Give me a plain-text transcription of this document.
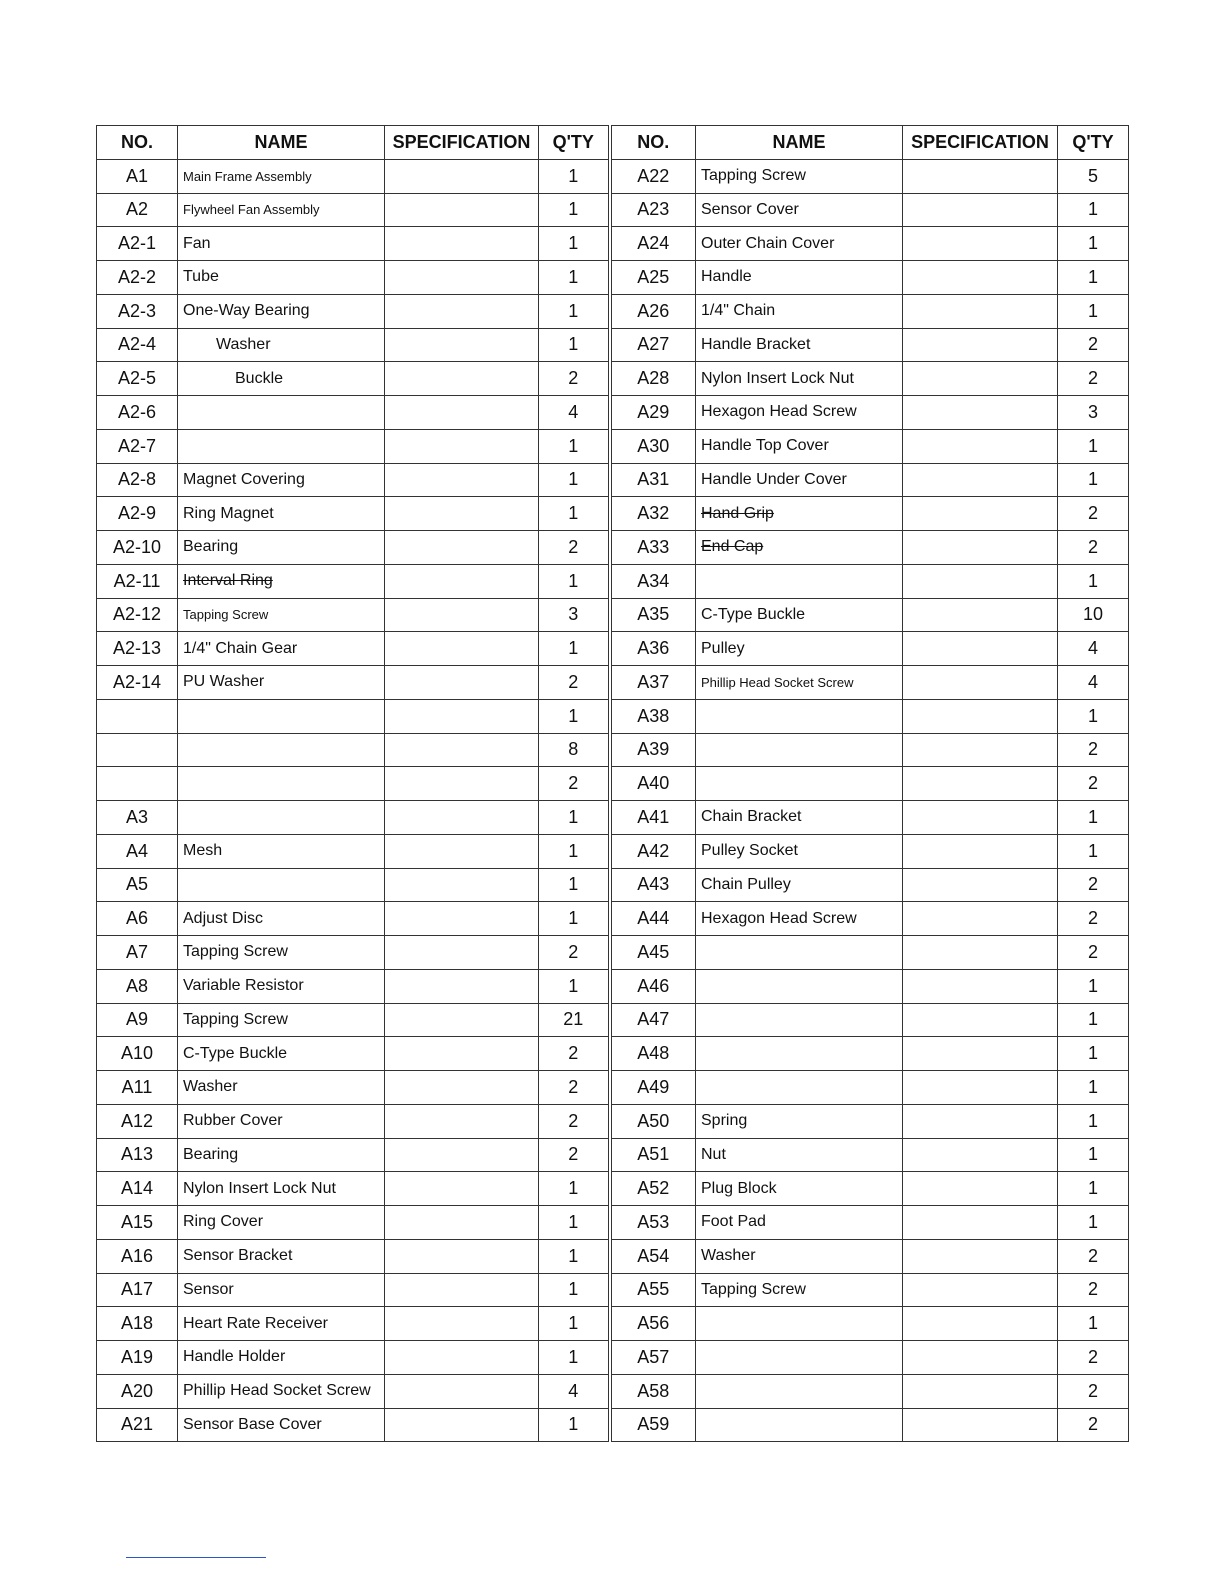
NO.	NAME	SPECIFICATION	Q'TY	NO.	NAME	SPECIFICATION	Q'TY
A1	Main Frame Assembly		1	A22	Tapping Screw		5
A2	Flywheel Fan Assembly		1	A23	Sensor Cover		1
A2-1	Fan		1	A24	Outer Chain Cover		1
A2-2	Tube		1	A25	Handle		1
A2-3	One-Way Bearing		1	A26	1/4" Chain		1
A2-4	Washer		1	A27	Handle Bracket		2
A2-5	Buckle		2	A28	Nylon Insert Lock Nut		2
A2-6			4	A29	Hexagon Head Screw		3
A2-7			1	A30	Handle Top Cover		1
A2-8	Magnet Covering		1	A31	Handle Under Cover		1
A2-9	Ring Magnet		1	A32	Hand Grip		2
A2-10	Bearing		2	A33	End Cap		2
A2-11	Interval Ring		1	A34			1
A2-12	Tapping Screw		3	A35	C-Type Buckle		10
A2-13	1/4" Chain Gear		1	A36	Pulley		4
A2-14	PU Washer		2	A37	Phillip Head Socket Screw		4
			1	A38			1
			8	A39			2
			2	A40			2
A3			1	A41	Chain Bracket		1
A4	Mesh		1	A42	Pulley Socket		1
A5			1	A43	Chain Pulley		2
A6	Adjust Disc		1	A44	Hexagon Head Screw		2
A7	Tapping Screw		2	A45			2
A8	Variable Resistor		1	A46			1
A9	Tapping Screw		21	A47			1
A10	C-Type Buckle		2	A48			1
A11	Washer		2	A49			1
A12	Rubber Cover		2	A50	Spring		1
A13	Bearing		2	A51	Nut		1
A14	Nylon Insert Lock Nut		1	A52	Plug Block		1
A15	Ring Cover		1	A53	Foot Pad		1
A16	Sensor Bracket		1	A54	Washer		2
A17	Sensor		1	A55	Tapping Screw		2
A18	Heart Rate Receiver		1	A56			1
A19	Handle Holder		1	A57			2
A20	Phillip Head Socket Screw		4	A58			2
A21	Sensor Base Cover		1	A59			2
